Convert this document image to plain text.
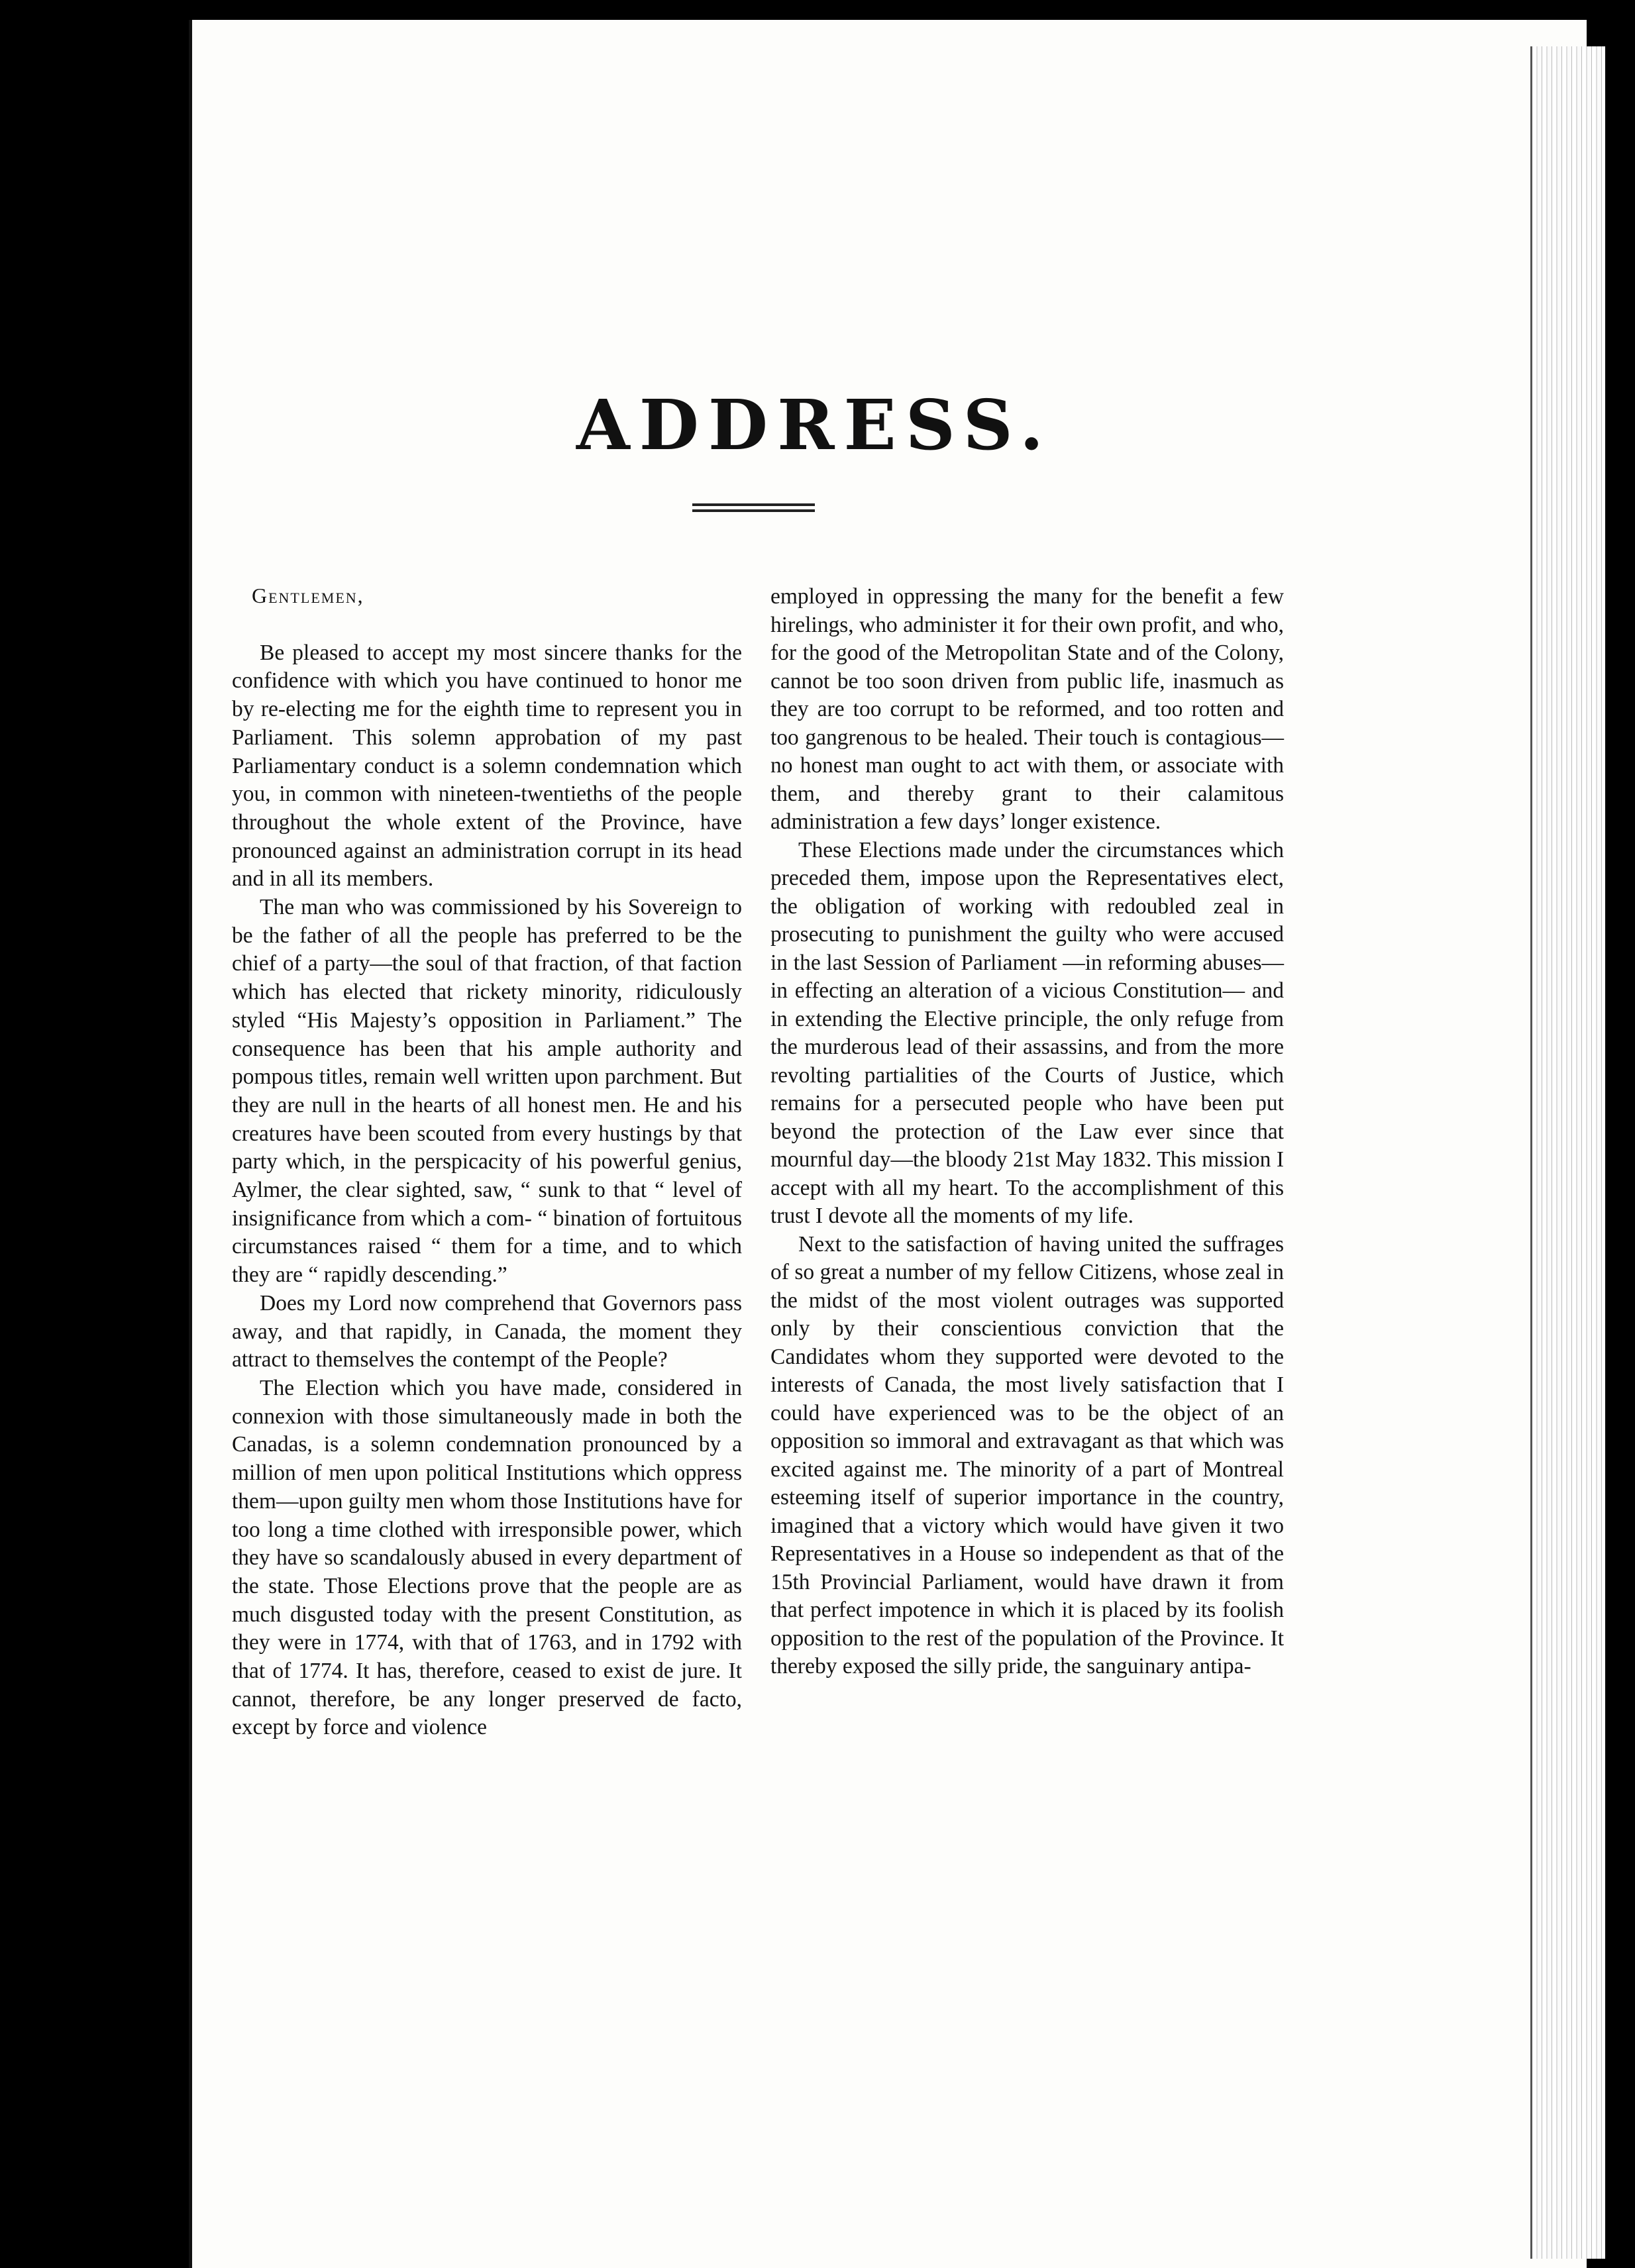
ADDRESS.
Gentlemen,

Be pleased to accept my most sincere thanks for the confidence with which you have continued to honor me by re-electing me for the eighth time to represent you in Parliament. This solemn approbation of my past Parliamentary conduct is a solemn condemnation which you, in common with nineteen-twentieths of the people throughout the whole extent of the Province, have pronounced against an administration corrupt in its head and in all its members.

The man who was commissioned by his Sovereign to be the father of all the people has preferred to be the chief of a party—the soul of that fraction, of that faction which has elected that rickety minority, ridiculously styled “His Majesty’s opposition in Parliament.” The consequence has been that his ample authority and pompous titles, remain well written upon parchment. But they are null in the hearts of all honest men. He and his creatures have been scouted from every hustings by that party which, in the perspicacity of his powerful genius, Aylmer, the clear sighted, saw, “ sunk to that “ level of insignificance from which a com- “ bination of fortuitous circumstances raised “ them for a time, and to which they are “ rapidly descending.”

Does my Lord now comprehend that Governors pass away, and that rapidly, in Canada, the moment they attract to themselves the contempt of the People?

The Election which you have made, considered in connexion with those simultaneously made in both the Canadas, is a solemn condemnation pronounced by a million of men upon political Institutions which oppress them—upon guilty men whom those Institutions have for too long a time clothed with irresponsible power, which they have so scandalously abused in every department of the state. Those Elections prove that the people are as much disgusted today with the present Constitution, as they were in 1774, with that of 1763, and in 1792 with that of 1774. It has, therefore, ceased to exist de jure. It cannot, therefore, be any longer preserved de facto, except by force and violence

employed in oppressing the many for the benefit a few hirelings, who administer it for their own profit, and who, for the good of the Metropolitan State and of the Colony, cannot be too soon driven from public life, inasmuch as they are too corrupt to be reformed, and too rotten and too gangrenous to be healed. Their touch is contagious—no honest man ought to act with them, or associate with them, and thereby grant to their calamitous administration a few days’ longer existence.

These Elections made under the circumstances which preceded them, impose upon the Representatives elect, the obligation of working with redoubled zeal in prosecuting to punishment the guilty who were accused in the last Session of Parliament —in reforming abuses—in effecting an alteration of a vicious Constitution— and in extending the Elective principle, the only refuge from the murderous lead of their assassins, and from the more revolting partialities of the Courts of Justice, which remains for a persecuted people who have been put beyond the protection of the Law ever since that mournful day—the bloody 21st May 1832. This mission I accept with all my heart. To the accomplishment of this trust I devote all the moments of my life.

Next to the satisfaction of having united the suffrages of so great a number of my fellow Citizens, whose zeal in the midst of the most violent outrages was supported only by their conscientious conviction that the Candidates whom they supported were devoted to the interests of Canada, the most lively satisfaction that I could have experienced was to be the object of an opposition so immoral and extravagant as that which was excited against me. The minority of a part of Montreal esteeming itself of superior importance in the country, imagined that a victory which would have given it two Representatives in a House so independent as that of the 15th Provincial Parliament, would have drawn it from that perfect impotence in which it is placed by its foolish opposition to the rest of the population of the Province. It thereby exposed the silly pride, the sanguinary antipa-
